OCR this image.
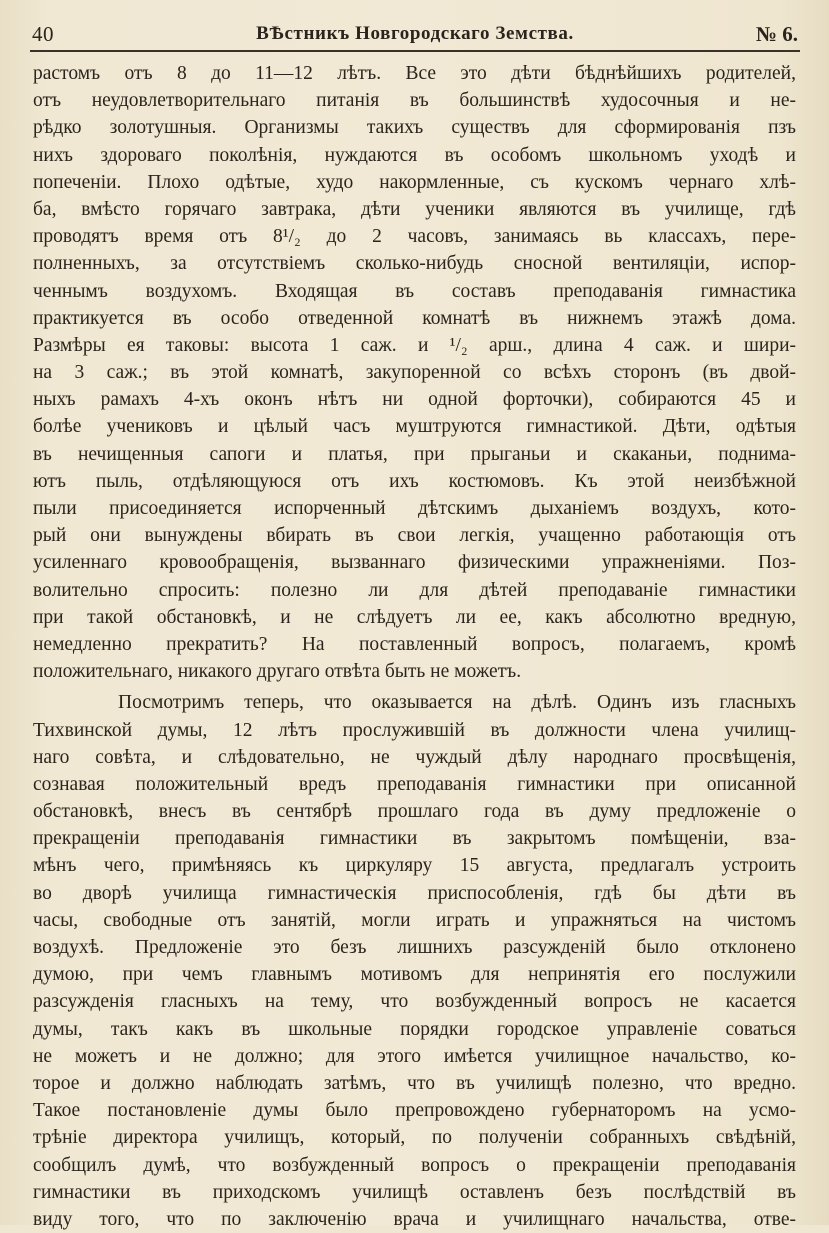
40	ВѢстникъ Новгородскаго Земства.	№ 6.
растомъ отъ 8 до 11—12 лѣтъ. Все это дѣти бѣднѣйшихъ родителей,
отъ неудовлетворительнаго питанія въ большинствѣ худосочныя и не-
рѣдко золотушныя. Организмы такихъ существъ для сформированія пзъ
нихъ здороваго поколѣнія, нуждаются въ особомъ школьномъ уходѣ и
попеченіи. Плохо одѣтые, худо накормленные, съ кускомъ чернаго хлѣ-
ба, вмѣсто горячаго завтрака, дѣти ученики являются въ училище, гдѣ
проводятъ время отъ 8¹/₂ до 2 часовъ, занимаясь вь классахъ, пере-
полненныхъ, за отсутствіемъ сколько-нибудь сносной вентиляціи, испор-
ченнымъ воздухомъ. Входящая въ составъ преподаванія гимнастика
практикуется въ особо отведенной комнатѣ въ нижнемъ этажѣ дома.
Размѣры ея таковы: высота 1 саж. и ¹/₂ арш., длина 4 саж. и шири-
на 3 саж.; въ этой комнатѣ, закупоренной со всѣхъ сторонъ (въ двой-
ныхъ рамахъ 4-хъ оконъ нѣтъ ни одной форточки), собираются 45 и
болѣе учениковъ и цѣлый часъ муштруются гимнастикой. Дѣти, одѣтыя
въ нечищенныя сапоги и платья, при прыганьи и скаканьи, поднима-
ютъ пыль, отдѣляющуюся отъ ихъ костюмовъ. Къ этой неизбѣжной
пыли присоединяется испорченный дѣтскимъ дыханіемъ воздухъ, кото-
рый они вынуждены вбирать въ свои легкія, учащенно работающія отъ
усиленнаго кровообращенія, вызваннаго физическими упражненіями. Поз-
волительно спросить: полезно ли для дѣтей преподаваніе гимнастики
при такой обстановкѣ, и не слѣдуетъ ли ее, какъ абсолютно вредную,
немедленно прекратить? На поставленный вопросъ, полагаемъ, кромѣ
положительнаго, никакого другаго отвѣта быть не можетъ.
Посмотримъ теперь, что оказывается на дѣлѣ. Одинъ изъ гласныхъ
Тихвинской думы, 12 лѣтъ прослужившій въ должности члена училищ-
наго совѣта, и слѣдовательно, не чуждый дѣлу народнаго просвѣщенія,
сознавая положительный вредъ преподаванія гимнастики при описанной
обстановкѣ, внесъ въ сентябрѣ прошлаго года въ думу предложеніе о
прекращеніи преподаванія гимнастики въ закрытомъ помѣщеніи, вза-
мѣнъ чего, примѣняясь къ циркуляру 15 августа, предлагалъ устроить
во дворѣ училища гимнастическія приспособленія, гдѣ бы дѣти въ
часы, свободные отъ занятій, могли играть и упражняться на чистомъ
воздухѣ. Предложеніе это безъ лишнихъ разсужденій было отклонено
думою, при чемъ главнымъ мотивомъ для непринятія его послужили
разсужденія гласныхъ на тему, что возбужденный вопросъ не касается
думы, такъ какъ въ школьные порядки городское управленіе соваться
не можетъ и не должно; для этого имѣется училищное начальство, ко-
торое и должно наблюдать затѣмъ, что въ училищѣ полезно, что вредно.
Такое постановленіе думы было препровождено губернаторомъ на усмо-
трѣніе директора училищъ, который, по полученіи собранныхъ свѣдѣній,
сообщилъ думѣ, что возбужденный вопросъ о прекращеніи преподаванія
гимнастики въ приходскомъ училищѣ оставленъ безъ послѣдствій въ
виду того, что по заключенію врача и училищнаго начальства, отве-
